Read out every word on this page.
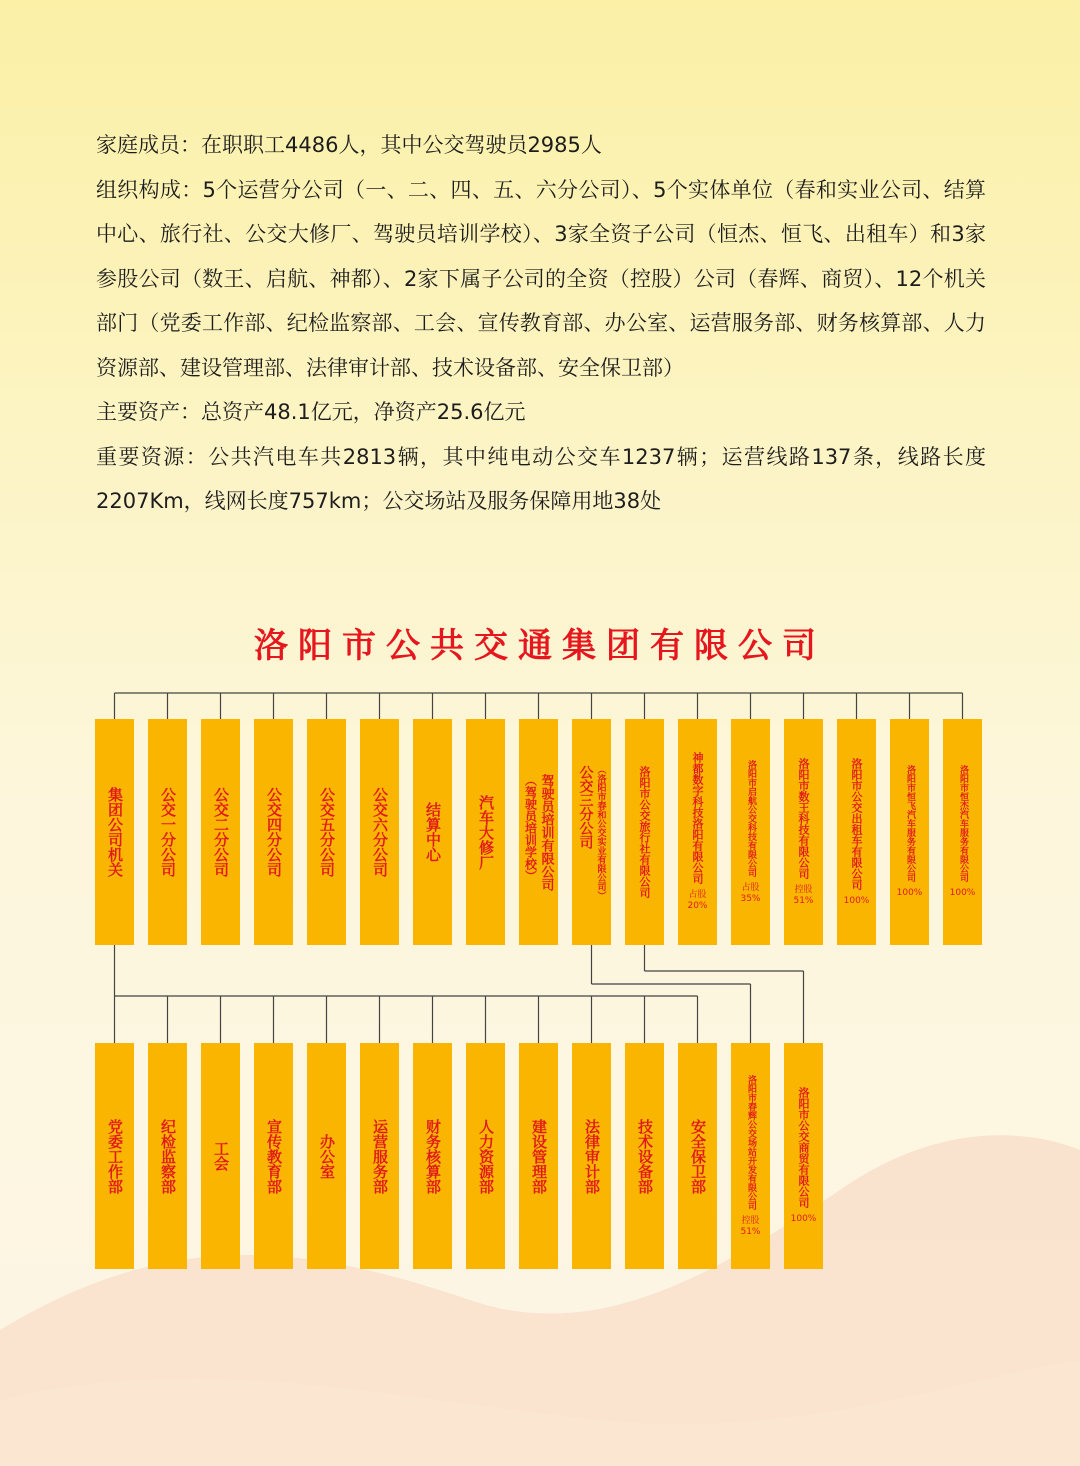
家庭成员：在职职工4486人，其中公交驾驶员2985人

组织构成：5个运营分公司（一、二、四、五、六分公司）、5个实体单位（春和实业公司、结算中心、旅行社、公交大修厂、驾驶员培训学校）、3家全资子公司（恒杰、恒飞、出租车）和3家参股公司（数王、启航、神都）、2家下属子公司的全资（控股）公司（春辉、商贸）、12个机关部门（党委工作部、纪检监察部、工会、宣传教育部、办公室、运营服务部、财务核算部、人力资源部、建设管理部、法律审计部、技术设备部、安全保卫部）

主要资产：总资产48.1亿元，净资产25.6亿元

重要资源：公共汽电车共2813辆，其中纯电动公交车1237辆；运营线路137条，线路长度2207Km，线网长度757km；公交场站及服务保障用地38处

洛阳市公共交通集团有限公司
集团公司机关 公交一分公司 公交二分公司 公交四分公司 公交五分公司 公交六分公司 结算中心 汽车大修厂	驾驶员培训有限公司
（驾驶员培训学校）	（洛阳市春和公交实业有限公司）
公交三分公司	洛阳市公交旅行社有限公司	神都数字科技洛阳有限公司
占股
20%
洛阳市启航公交科技有限公司
占股
35%
洛阳市数王科技有限公司
控股
51%
洛阳市公交出租车有限公司
100%
洛阳市恒飞汽车服务有限公司
100%
洛阳市恒杰汽车服务有限公司
100%
党委工作部 纪检监察部 工会 宣传教育部 办公室 运营服务部 财务核算部 人力资源部 建设管理部 法律审计部 技术设备部 安全保卫部	洛阳市春辉公交场站开发有限公司
控股
51%
洛阳市公交商贸有限公司
100%
